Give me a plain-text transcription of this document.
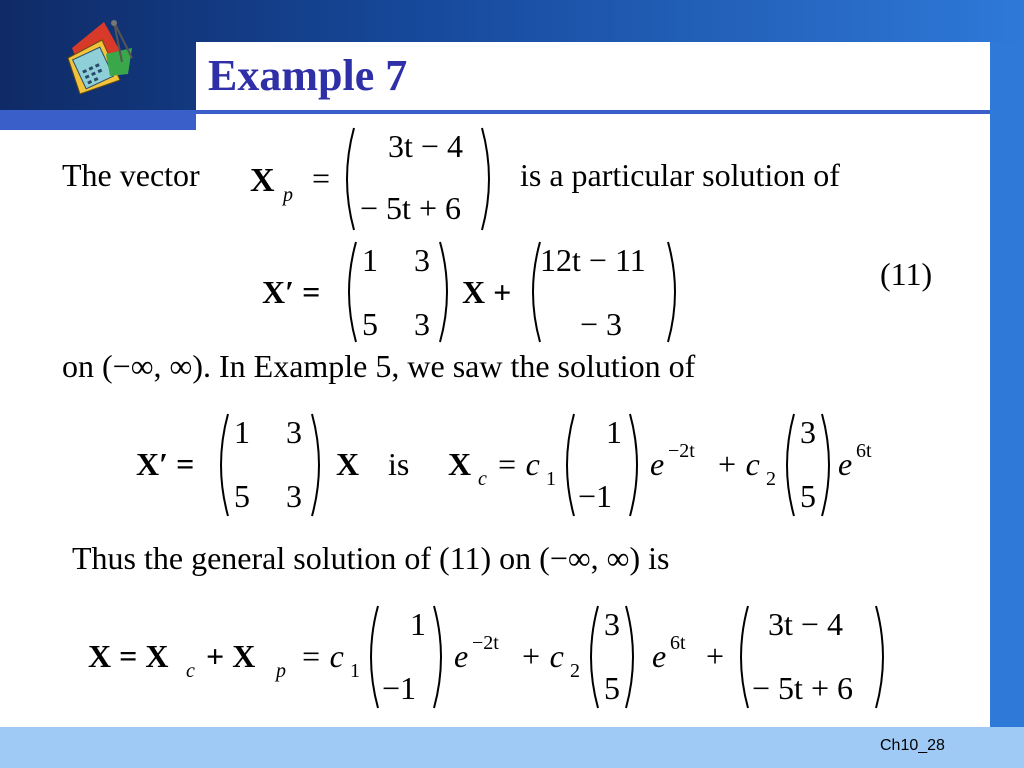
Example 7
The vector X p =
3t − 4
− 5t + 6
is a particular solution of
X′ =
1 3
5 3
X +
12t − 11
− 3
(11)
on (−∞, ∞). In Example 5, we saw the solution of
X′ =
1 3
5 3
X is X c = c 1
1
−1
e −2t + c 2
3
5
e 6t
Thus the general solution of (11) on (−∞, ∞) is
X = X c + X p = c 1
1
−1
e −2t + c 2
3
5
e 6t +
3t − 4
− 5t + 6
Ch10_28
